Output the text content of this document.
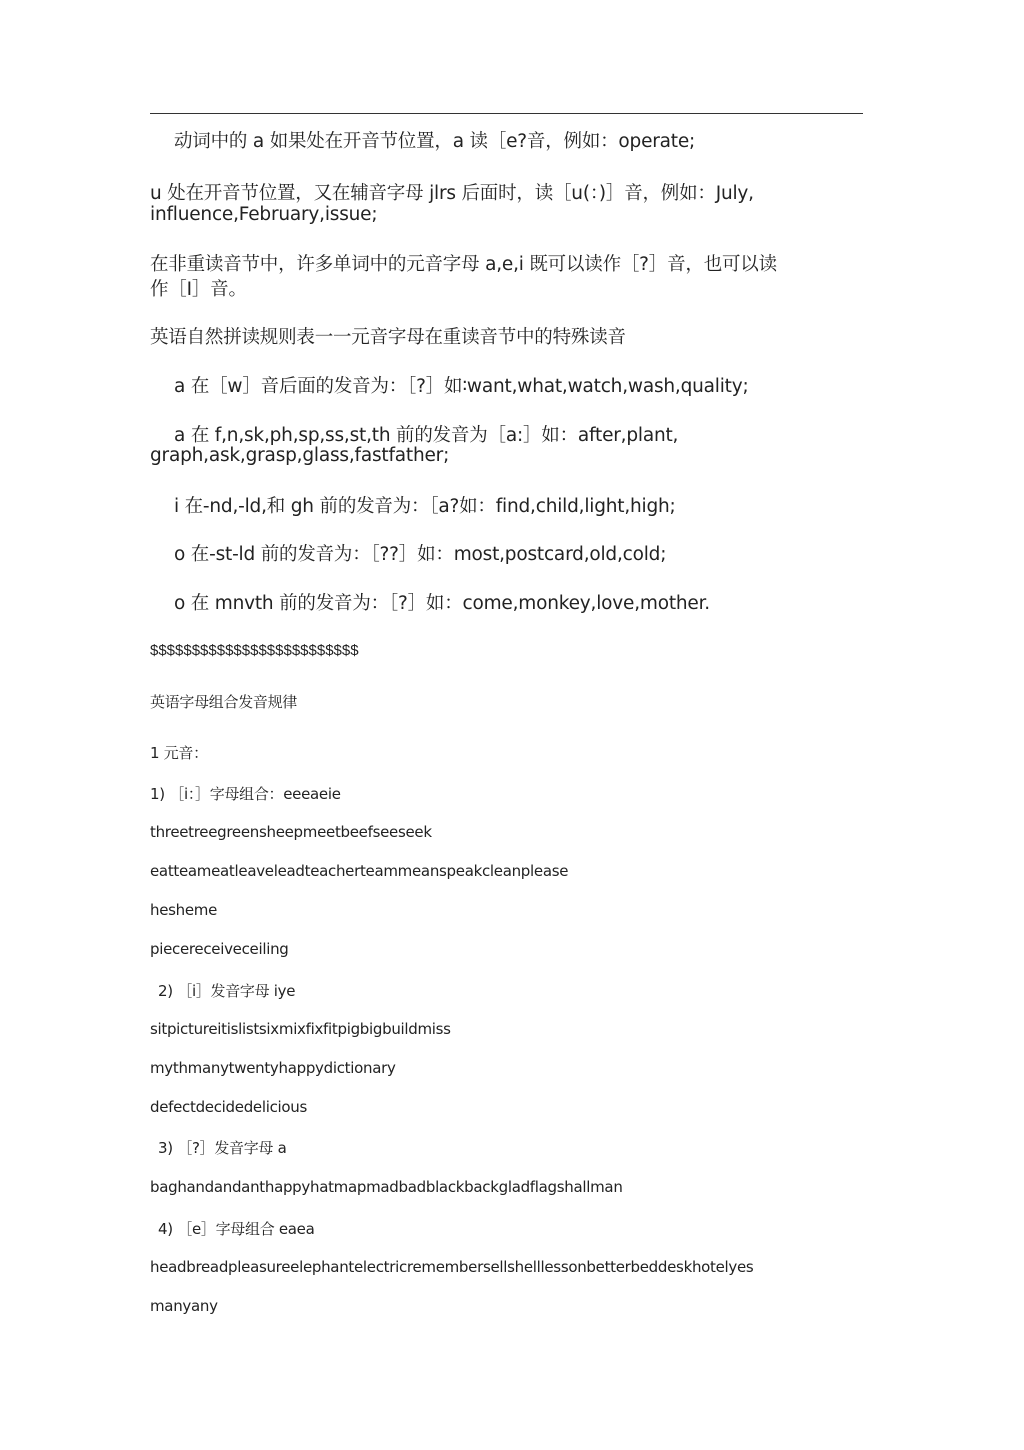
动词中的 a 如果处在开音节位置，a 读［e?音，例如：operate;
u 处在开音节位置，又在辅音字母 jlrs 后面时，读［u(：)］音，例如：July,
influence,February,issue;
在非重读音节中，许多单词中的元音字母 a,e,i 既可以读作［?］音，也可以读
作［I］音。
英语自然拼读规则表一一元音字母在重读音节中的特殊读音
a 在［w］音后面的发音为：［?］如∶want,what,watch,wash,quality;
a 在 f,n,sk,ph,sp,ss,st,th 前的发音为［a:］如：after,plant,
graph,ask,grasp,glass,fastfather;
i 在-nd,-ld,和 gh 前的发音为：［a?如：find,child,light,high;
o 在-st-ld 前的发音为：［??］如：most,postcard,old,cold;
o 在 mnvth 前的发音为：［?］如：come,monkey,love,mother.
$$$$$$$$$$$$$$$$$$$$$$$$$
英语字母组合发音规律
1 元音：
1) ［i：］字母组合：eeeaeie
threetreegreensheepmeetbeefseeseek
eatteameatleaveleadteacherteammeanspeakcleanplease
hesheme
piecereceiveceiling
2) ［i］发音字母 iye
sitpictureitislistsixmixfixfitpigbigbuildmiss
mythmanytwentyhappydictionary
defectdecidedelicious
3) ［?］发音字母 a
baghandandanthappyhatmapmadbadblackbackgladflagshallman
4) ［e］字母组合 eaea
headbreadpleasureelephantelectricremembersellshelllessonbetterbeddeskhotelyes
manyany
